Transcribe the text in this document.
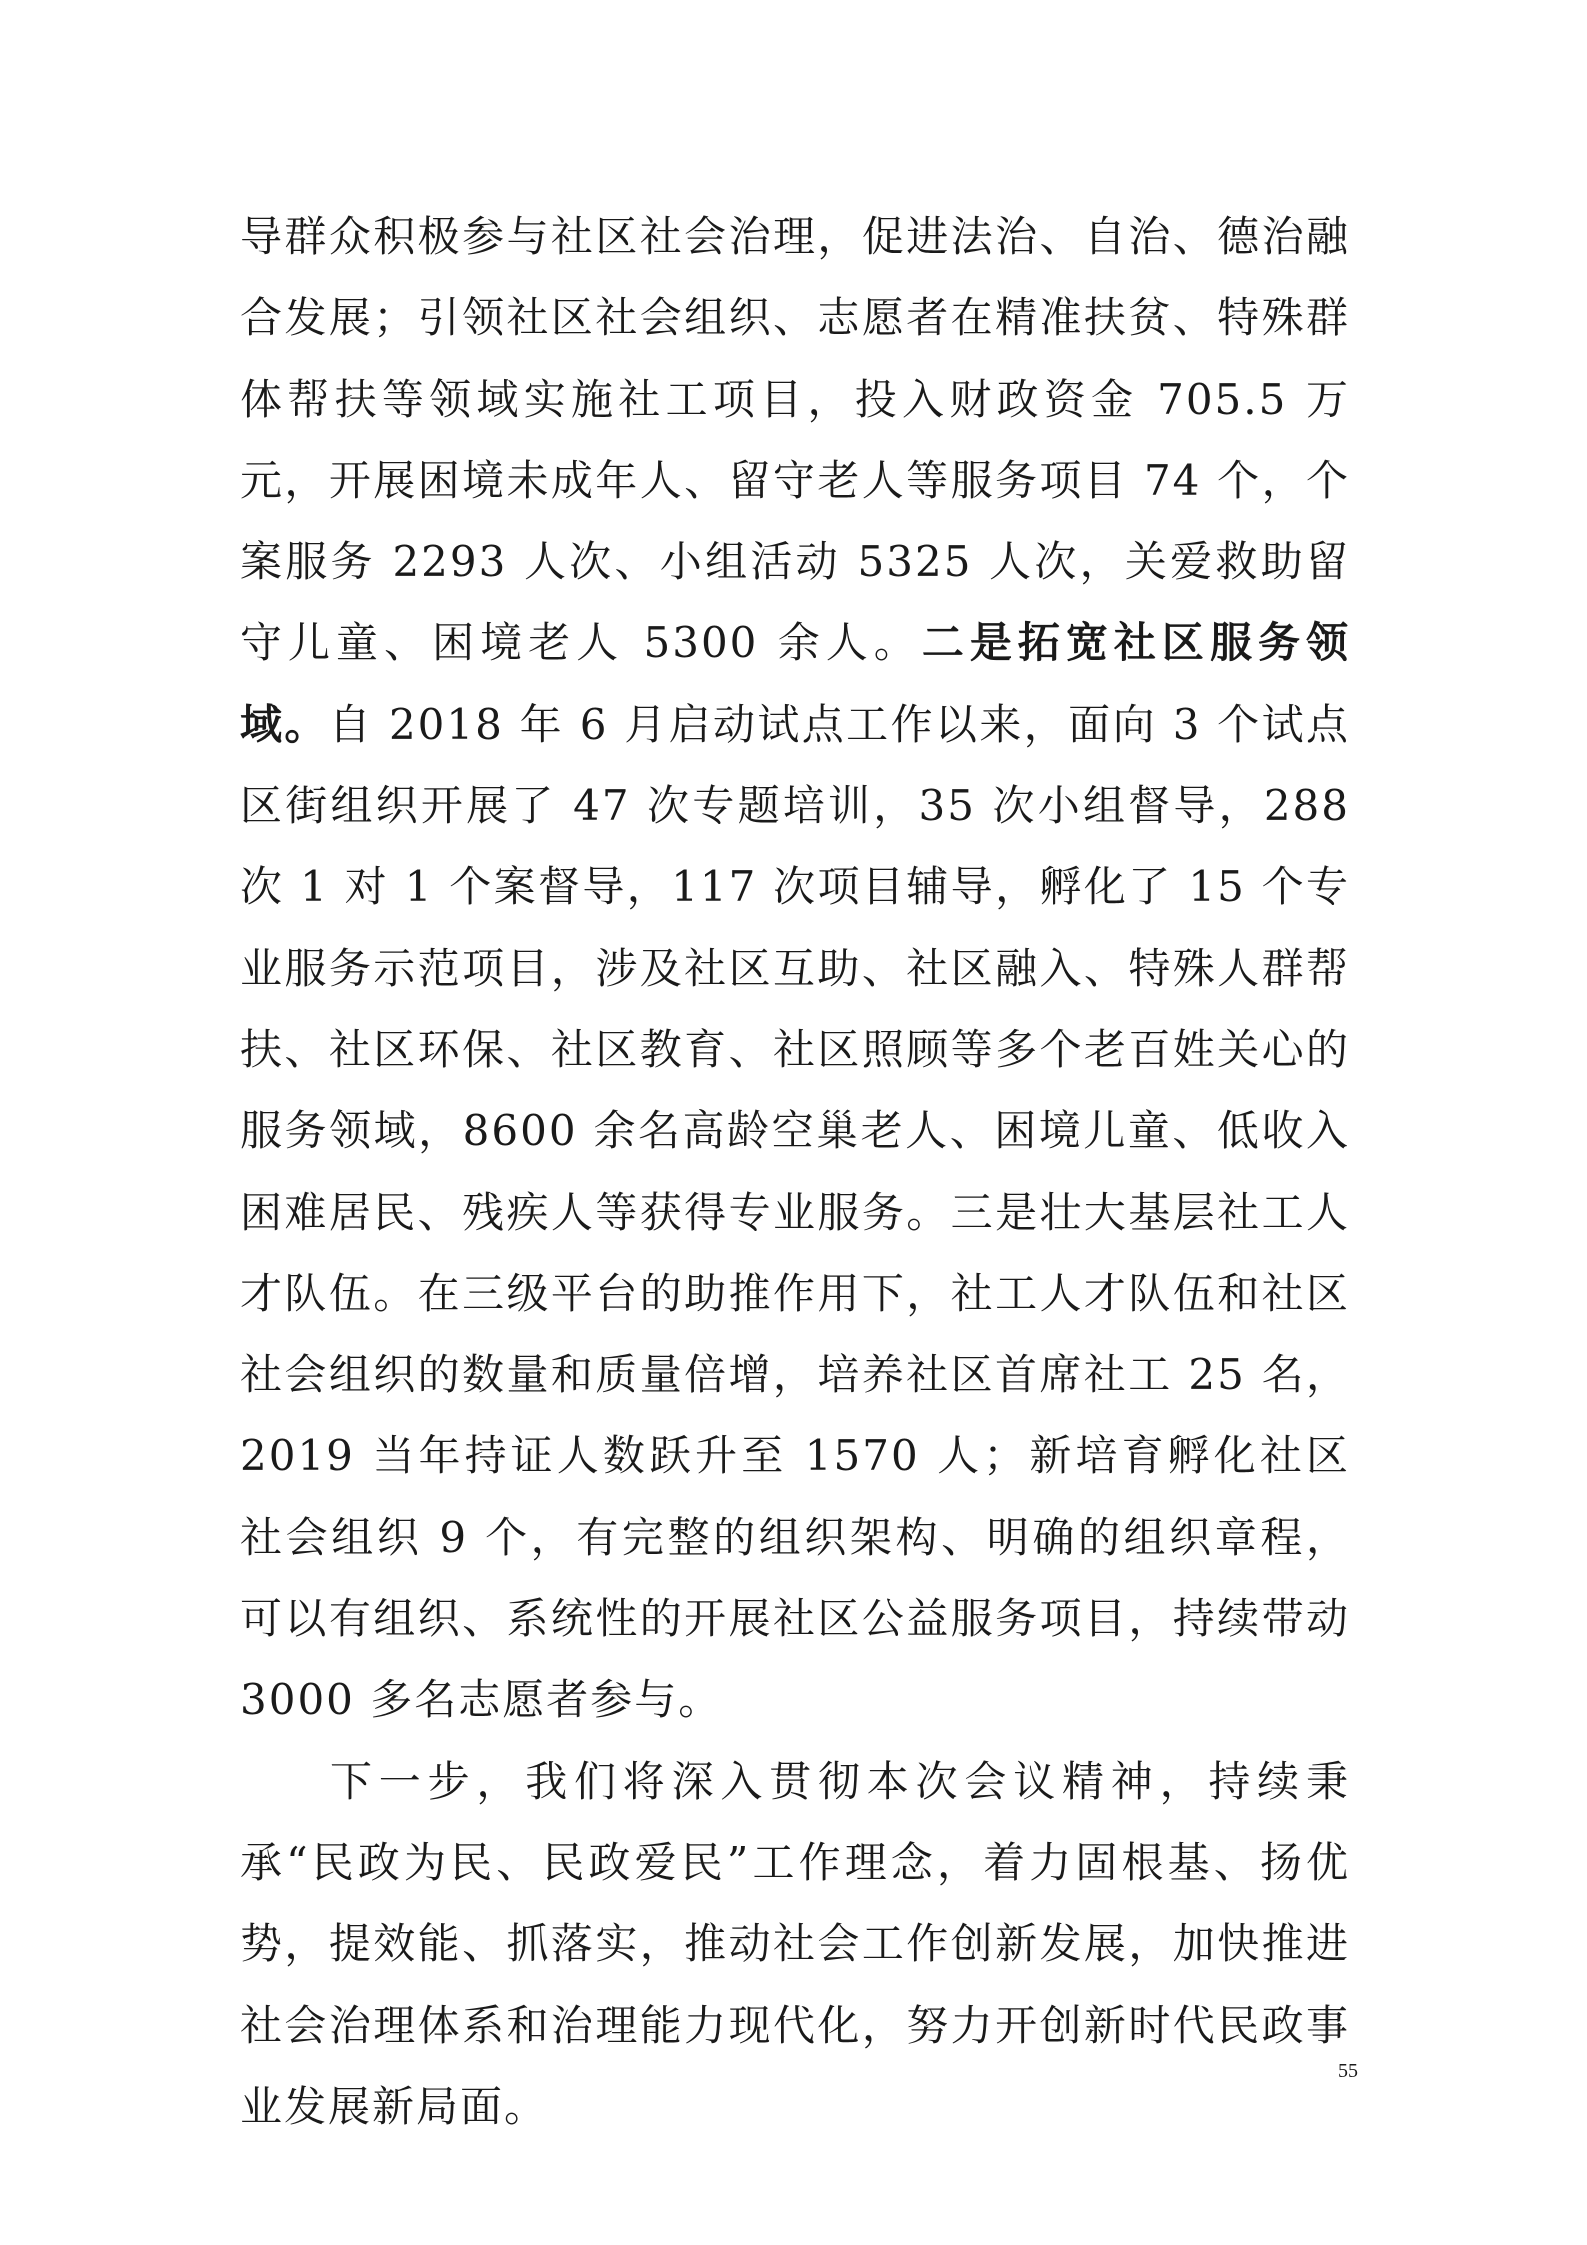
导群众积极参与社区社会治理，促进法治、自治、德治融合发展；引领社区社会组织、志愿者在精准扶贫、特殊群体帮扶等领域实施社工项目，投入财政资金 705.5 万元，开展困境未成年人、留守老人等服务项目 74 个，个案服务 2293 人次、小组活动 5325 人次，关爱救助留守儿童、困境老人 5300 余人。二是拓宽社区服务领域。自 2018 年 6 月启动试点工作以来，面向 3 个试点区街组织开展了 47 次专题培训，35 次小组督导，288 次 1 对 1 个案督导，117 次项目辅导，孵化了 15 个专业服务示范项目，涉及社区互助、社区融入、特殊人群帮扶、社区环保、社区教育、社区照顾等多个老百姓关心的服务领域，8600 余名高龄空巢老人、困境儿童、低收入困难居民、残疾人等获得专业服务。三是壮大基层社工人才队伍。在三级平台的助推作用下，社工人才队伍和社区社会组织的数量和质量倍增，培养社区首席社工 25 名，2019 当年持证人数跃升至 1570 人；新培育孵化社区社会组织 9 个，有完整的组织架构、明确的组织章程，可以有组织、系统性的开展社区公益服务项目，持续带动 3000 多名志愿者参与。

下一步，我们将深入贯彻本次会议精神，持续秉承“民政为民、民政爱民”工作理念，着力固根基、扬优势，提效能、抓落实，推动社会工作创新发展，加快推进社会治理体系和治理能力现代化，努力开创新时代民政事业发展新局面。

55
